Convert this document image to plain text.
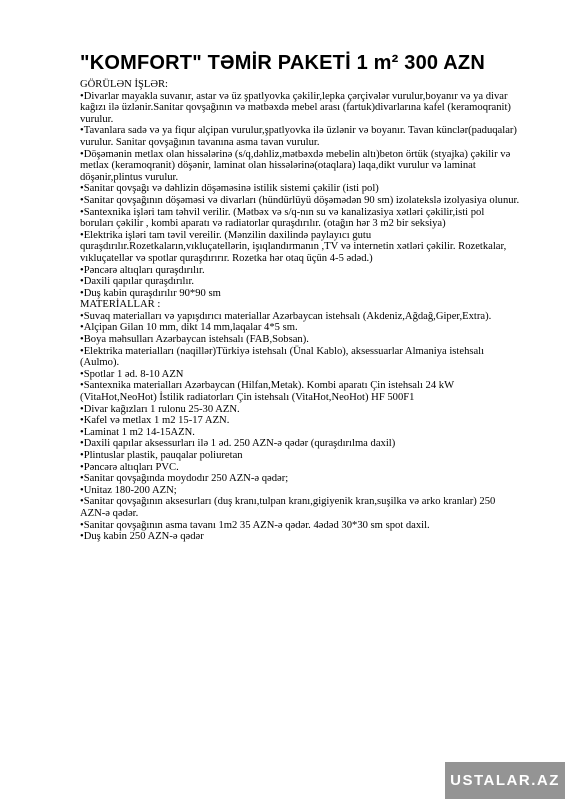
"KOMFORT" TƏMİR PAKETİ 1 m² 300 AZN

GÖRÜLƏN İŞLƏR:

•Divarlar mayakla suvanır, astar və üz şpatlyovka çəkilir,lepka çərçivələr vurulur,boyanır və ya divar kağızı ilə üzlənir.Sanitar qovşağının və mətbəxdə mebel arası (fartuk)divarlarına kafel (keramoqranit) vurulur.

•Tavanlara sadə və ya fiqur alçipan vurulur,şpatlyovka ilə üzlənir və boyanır. Tavan künclər(paduqalar) vurulur. Sanitar qovşağının tavanına asma tavan vurulur.

•Döşəmənin metlax olan hissələrinə (s/q,dəhliz,mətbəxdə mebelin altı)beton örtük (styajka) çəkilir və metlax (keramoqranit) döşənir, laminat olan hissələrinə(otaqlara) laqa,dikt vurulur və laminat döşənir,plintus vurulur.

•Sanitar qovşağı və dəhlizin döşəməsinə istilik sistemi çəkilir (isti pol)

•Sanitar qovşağının döşəməsi və divarları (hündürlüyü döşəmədən 90 sm) izolateksl​ə izolyasiya olunur.

•Santexnika işləri tam təhvil verilir. (Mətbəx və s/q-nın su və kanalizasiya xətləri çəkilir,isti pol boruları çəkilir , kombi aparatı və radiatorlar quraşdırılır. (otağın hər 3 m2 bir seksiya)

•Elektrika işləri tam təvil vereilir. (Mənzilin daxilində paylayıcı gutu quraşdırılır.Rozetkaların,vıkluçatellərin, işıqlandırmanın ,TV və internetin xətləri çəkilir. Rozetkalar, vıkluçatellər və spotlar quraşdırırır. Rozetka hər otaq üçün 4-5 ədəd.)

•Pəncərə altıqları quraşdırılır.

•Daxili qapılar quraşdırılır.

•Duş kabin quraşdırılır 90*90 sm

MATERİALLAR :

•Suvaq materialları və yapışdırıcı materiallar Azərbaycan istehsalı (Akdeniz,Ağdağ,Giper,Extra).

•Alçipan Gilan 10 mm, dikt 14 mm,laqalar 4*5 sm.

•Boya məhsulları Azərbaycan istehsalı (FAB,Sobsan).

•Elektrika materialları (naqillər)Türkiyə istehsalı (Ünal Kablo), aksessuarlar Almaniya istehsalı (Aulmo).

•Spotlar 1 əd. 8-10 AZN

•Santexnika materialları Azərbaycan (Hilfan,Metak). Kombi aparatı Çin istehsalı 24 kW (VitaHot,NeoHot) İstilik radiatorları Çin istehsalı (VitaHot,NeoHot) HF 500F1

•Divar kağızları 1 rulonu 25-30 AZN.

•Kafel və metlax 1 m2 15-17 AZN.

•Laminat 1 m2 14-15AZN.

•Daxili qapılar aksessurları ilə 1 əd. 250 AZN-ə qədər (quraşdırılma daxil)

•Plintuslar plastik, pauqalar poliuretan

•Pəncərə altıqları PVC.

•Sanitar qovşağında moydodır 250 AZN-ə qədər;

•Unitaz 180-200 AZN;

•Sanitar qovşağının aksesurları (duş kranı,tulpan kranı,gigiyenik kran,suşilka və arko kranlar) 250 AZN-ə qədər.

•Sanitar qovşağının asma tavanı 1m2 35 AZN-ə qədər. 4ədəd 30*30 sm spot daxil.

•Duş kabin 250 AZN-ə qədər

USTALAR.AZ
